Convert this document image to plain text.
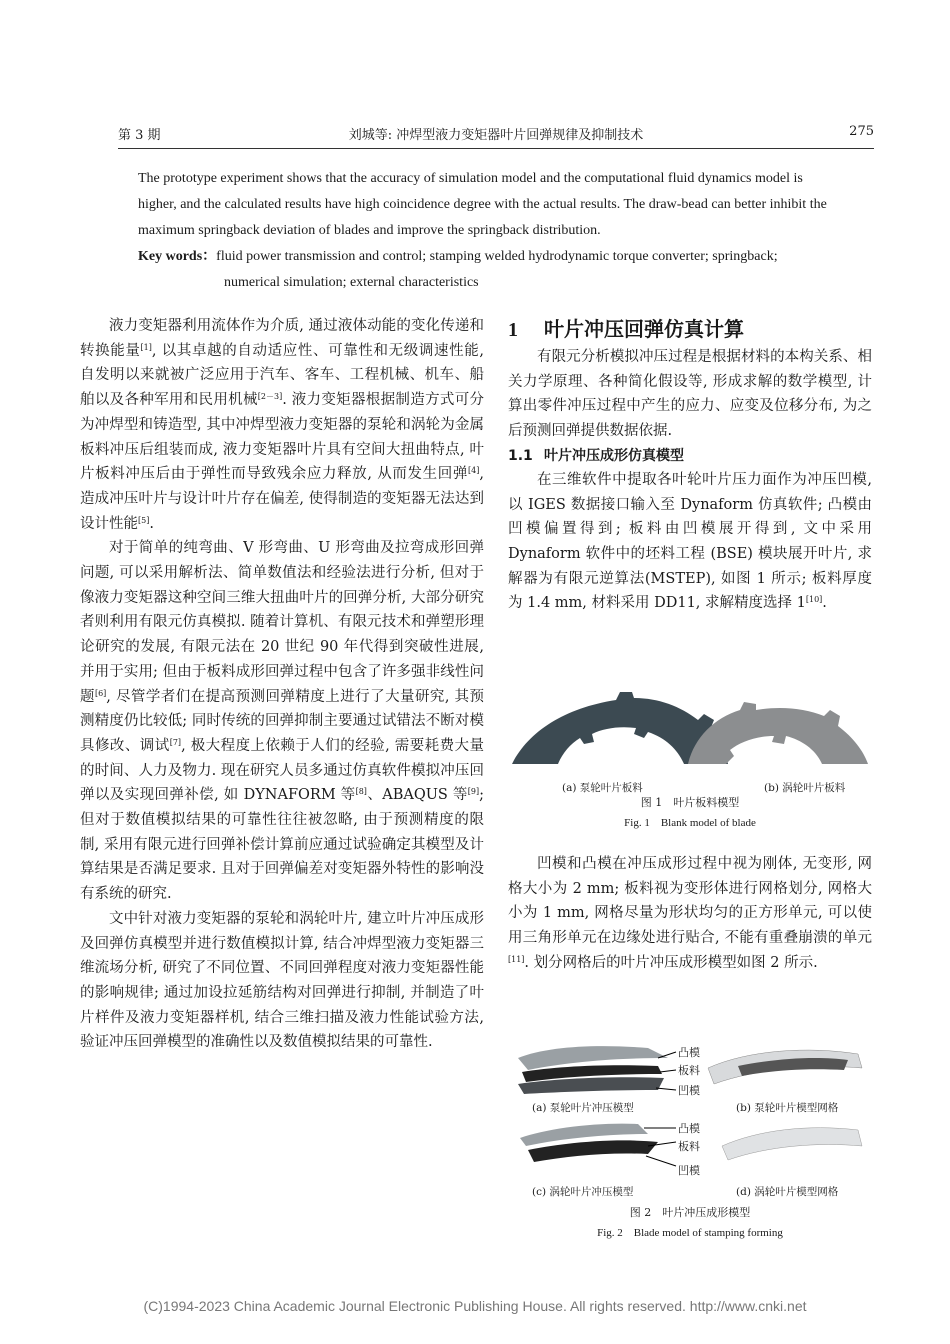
第 3 期	刘城等: 冲焊型液力变矩器叶片回弹规律及抑制技术	275

The prototype experiment shows that the accuracy of simulation model and the computational fluid dynamics model is higher, and the calculated results have high coincidence degree with the actual results. The draw-bead can better inhibit the maximum springback deviation of blades and improve the springback distribution.

Key words：fluid power transmission and control; stamping welded hydrodynamic torque converter; springback;
numerical simulation; external characteristics

液力变矩器利用流体作为介质, 通过液体动能的变化传递和转换能量[1], 以其卓越的自动适应性、可靠性和无级调速性能, 自发明以来就被广泛应用于汽车、客车、工程机械、机车、船舶以及各种军用和民用机械[2－3]. 液力变矩器根据制造方式可分为冲焊型和铸造型, 其中冲焊型液力变矩器的泵轮和涡轮为金属板料冲压后组装而成, 液力变矩器叶片具有空间大扭曲特点, 叶片板料冲压后由于弹性而导致残余应力释放, 从而发生回弹[4], 造成冲压叶片与设计叶片存在偏差, 使得制造的变矩器无法达到设计性能[5].

对于简单的纯弯曲、V 形弯曲、U 形弯曲及拉弯成形回弹问题, 可以采用解析法、简单数值法和经验法进行分析, 但对于像液力变矩器这种空间三维大扭曲叶片的回弹分析, 大部分研究者则利用有限元仿真模拟. 随着计算机、有限元技术和弹塑形理论研究的发展, 有限元法在 20 世纪 90 年代得到突破性进展, 并用于实用; 但由于板料成形回弹过程中包含了许多强非线性问题[6], 尽管学者们在提高预测回弹精度上进行了大量研究, 其预测精度仍比较低; 同时传统的回弹抑制主要通过试错法不断对模具修改、调试[7], 极大程度上依赖于人们的经验, 需要耗费大量的时间、人力及物力. 现在研究人员多通过仿真软件模拟冲压回弹以及实现回弹补偿, 如 DYNAFORM 等[8]、ABAQUS 等[9]; 但对于数值模拟结果的可靠性往往被忽略, 由于预测精度的限制, 采用有限元进行回弹补偿计算前应通过试验确定其模型及计算结果是否满足要求. 且对于回弹偏差对变矩器外特性的影响没有系统的研究.

文中针对液力变矩器的泵轮和涡轮叶片, 建立叶片冲压成形及回弹仿真模型并进行数值模拟计算, 结合冲焊型液力变矩器三维流场分析, 研究了不同位置、不同回弹程度对液力变矩器性能的影响规律; 通过加设拉延筋结构对回弹进行抑制, 并制造了叶片样件及液力变矩器样机, 结合三维扫描及液力性能试验方法, 验证冲压回弹模型的准确性以及数值模拟结果的可靠性.

1 叶片冲压回弹仿真计算

有限元分析模拟冲压过程是根据材料的本构关系、相关力学原理、各种简化假设等, 形成求解的数学模型, 计算出零件冲压过程中产生的应力、应变及位移分布, 为之后预测回弹提供数据依据.

1.1 叶片冲压成形仿真模型

在三维软件中提取各叶轮叶片压力面作为冲压凹模, 以 IGES 数据接口输入至 Dynaform 仿真软件; 凸模由凹模偏置得到; 板料由凹模展开得到, 文中采用 Dynaform 软件中的坯料工程 (BSE) 模块展开叶片, 求解器为有限元逆算法(MSTEP), 如图 1 所示; 板料厚度为 1.4 mm, 材料采用 DD11, 求解精度选择 1[10].

(a) 泵轮叶片板料	(b) 涡轮叶片板料
图 1　叶片板料模型
Fig. 1　Blank model of blade

凹模和凸模在冲压成形过程中视为刚体, 无变形, 网格大小为 2 mm; 板料视为变形体进行网格划分, 网格大小为 1 mm, 网格尽量为形状均匀的正方形单元, 可以使用三角形单元在边缘处进行贴合, 不能有重叠崩溃的单元[11]. 划分网格后的叶片冲压成形模型如图 2 所示.

凸模
板料
凹模
(a) 泵轮叶片冲压模型	(b) 泵轮叶片模型网格
凸模
板料
凹模
(c) 涡轮叶片冲压模型	(d) 涡轮叶片模型网格
图 2　叶片冲压成形模型
Fig. 2　Blade model of stamping forming
(C)1994-2023 China Academic Journal Electronic Publishing House. All rights reserved. http://www.cnki.net
